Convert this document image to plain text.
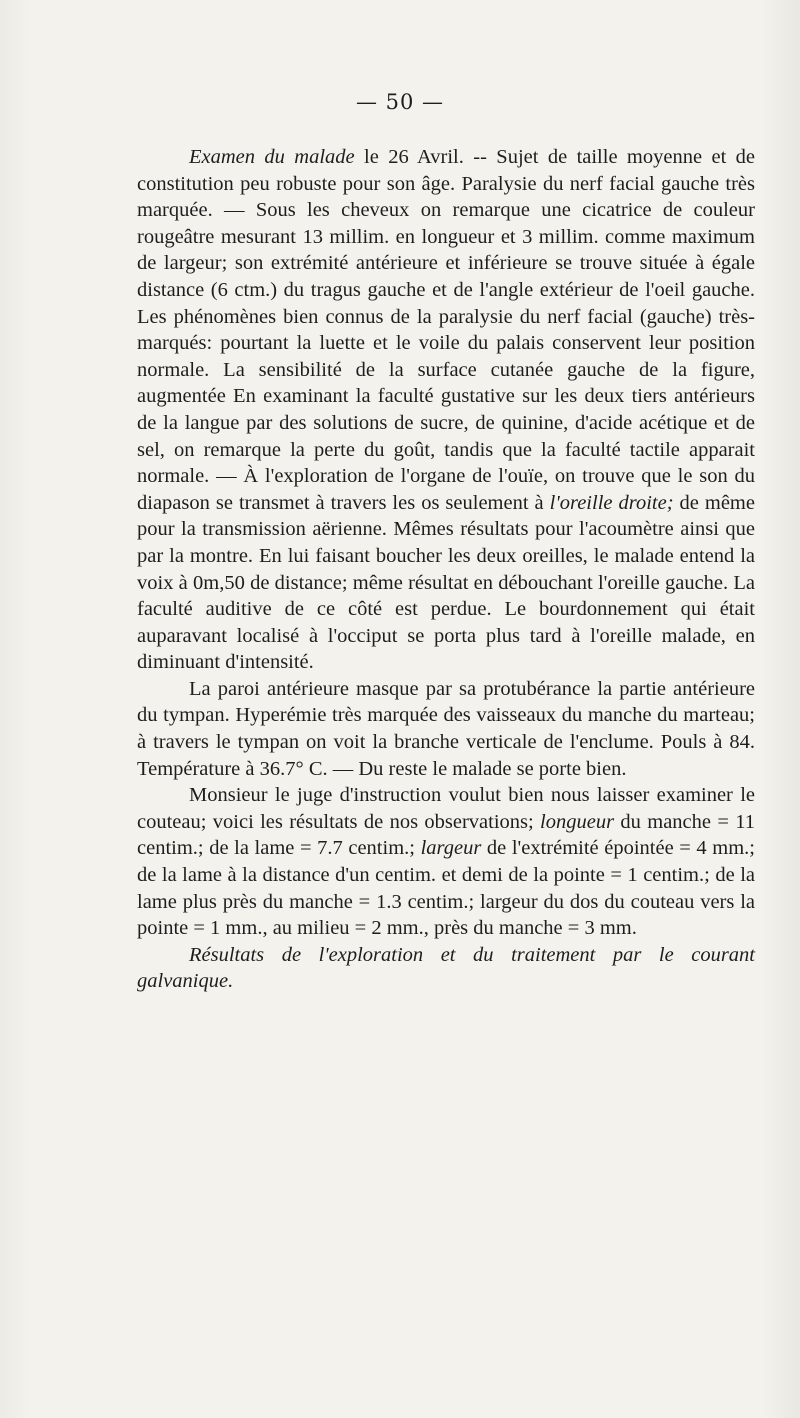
— 50 —

Examen du malade le 26 Avril. -- Sujet de taille moyenne et de constitution peu robuste pour son âge. Paralysie du nerf facial gauche très marquée. — Sous les cheveux on remarque une cicatrice de couleur rougeâtre mesurant 13 millim. en longueur et 3 millim. comme maximum de largeur; son extrémité antérieure et inférieure se trouve située à égale distance (6 ctm.) du tragus gauche et de l'angle extérieur de l'oeil gauche. Les phénomènes bien connus de la paralysie du nerf facial (gauche) très-marqués: pourtant la luette et le voile du palais conservent leur position normale. La sensibilité de la surface cutanée gauche de la figure, augmentée En examinant la faculté gustative sur les deux tiers antérieurs de la langue par des solutions de sucre, de quinine, d'acide acétique et de sel, on remarque la perte du goût, tandis que la faculté tactile apparait normale. — À l'exploration de l'organe de l'ouïe, on trouve que le son du diapason se transmet à travers les os seulement à l'oreille droite; de même pour la transmission aërienne. Mêmes résultats pour l'acoumètre ainsi que par la montre. En lui faisant boucher les deux oreilles, le malade entend la voix à 0m,50 de distance; même résultat en débouchant l'oreille gauche. La faculté auditive de ce côté est perdue. Le bourdonnement qui était auparavant localisé à l'occiput se porta plus tard à l'oreille malade, en diminuant d'intensité.

La paroi antérieure masque par sa protubérance la partie antérieure du tympan. Hyperémie très marquée des vaisseaux du manche du marteau; à travers le tympan on voit la branche verticale de l'enclume. Pouls à 84. Température à 36.7° C. — Du reste le malade se porte bien.

Monsieur le juge d'instruction voulut bien nous laisser examiner le couteau; voici les résultats de nos observations; longueur du manche = 11 centim.; de la lame = 7.7 centim.; largeur de l'extrémité épointée = 4 mm.; de la lame à la distance d'un centim. et demi de la pointe = 1 centim.; de la lame plus près du manche = 1.3 centim.; largeur du dos du couteau vers la pointe = 1 mm., au milieu = 2 mm., près du manche = 3 mm.

Résultats de l'exploration et du traitement par le courant galvanique.
